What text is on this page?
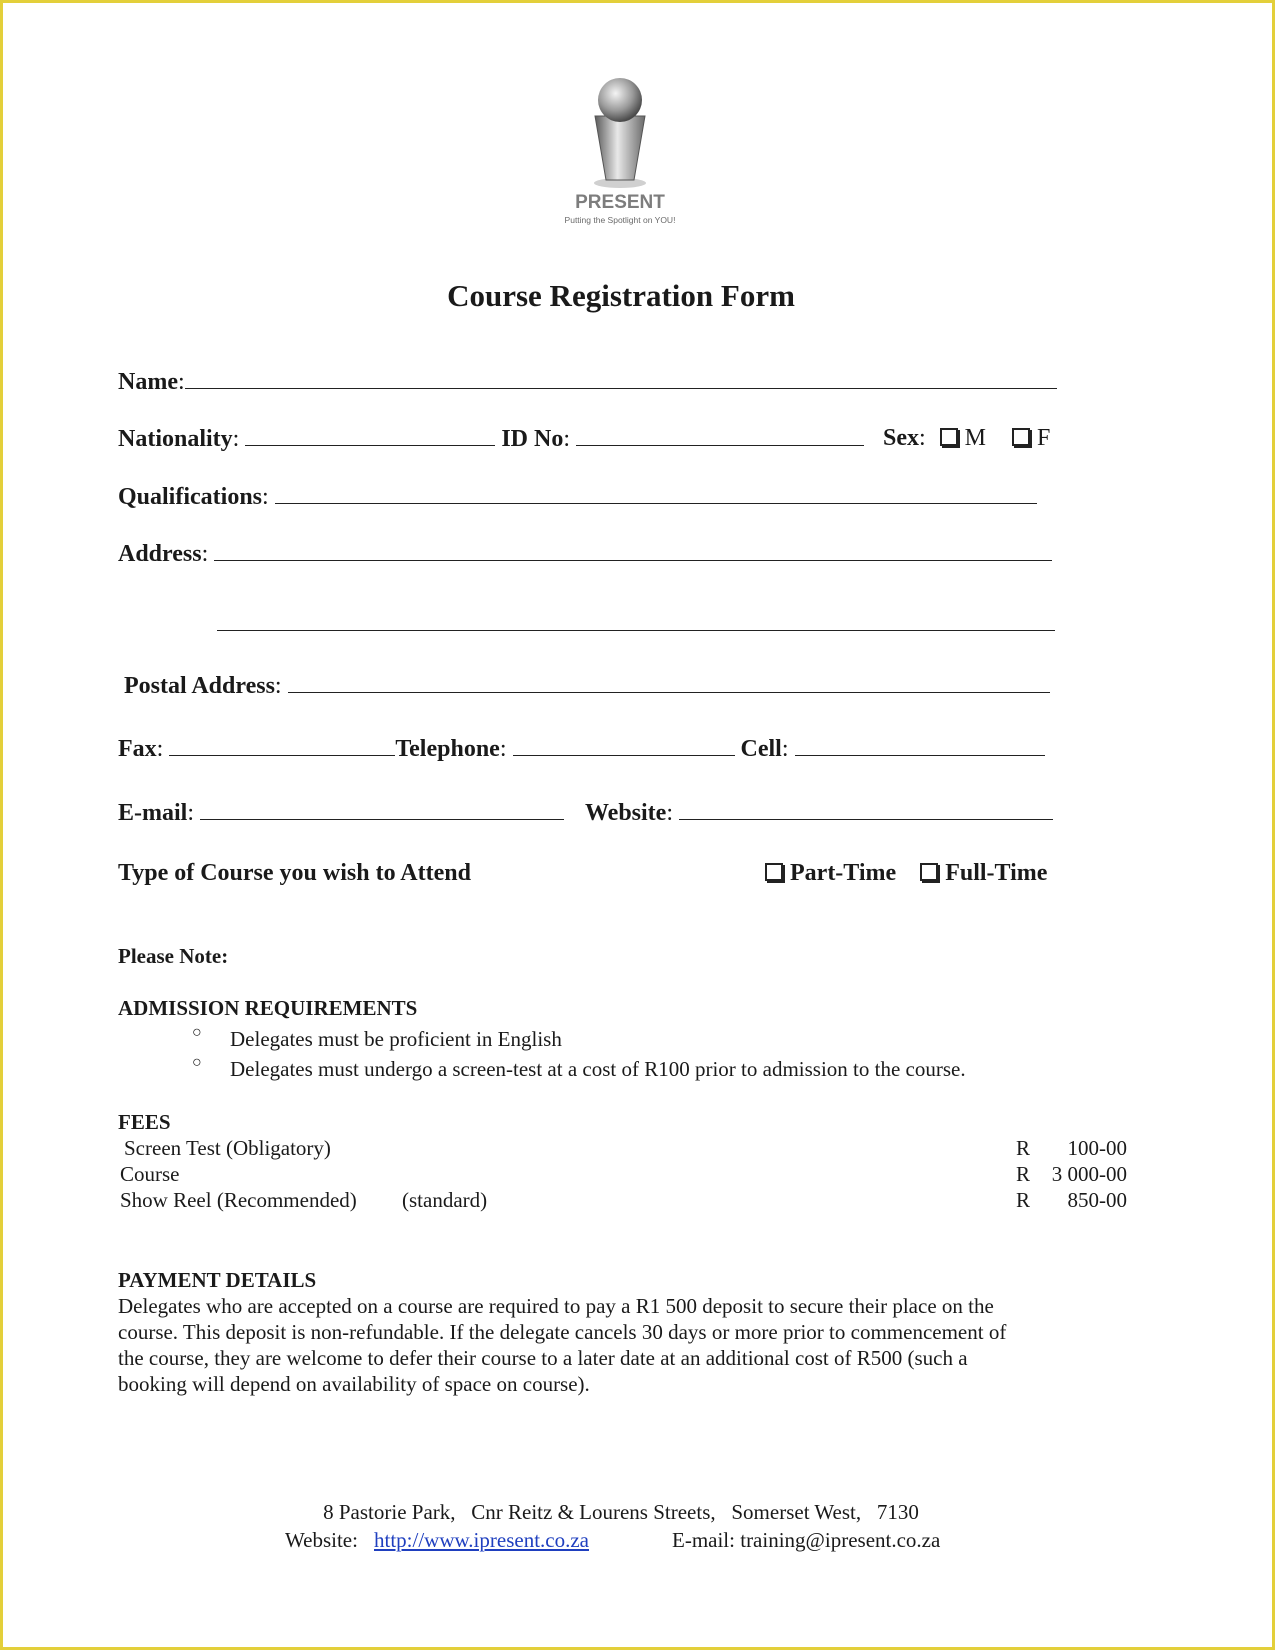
PRESENT
Putting the Spotlight on YOU!
Course Registration Form
Name:
Nationality:	ID No:	Sex: M F
Qualifications:
Address:
Postal Address:
Fax:	Telephone:	Cell:
E-mail:	Website:
Type of Course you wish to Attend	Part-Time Full-Time
Please Note:
ADMISSION REQUIREMENTS
○ Delegates must be proficient in English
○ Delegates must undergo a screen-test at a cost of R100 prior to admission to the course.
FEES
Screen Test (Obligatory)	R 100-00
Course	R 3 000-00
Show Reel (Recommended) (standard)	R 850-00
PAYMENT DETAILS
Delegates who are accepted on a course are required to pay a R1 500 deposit to secure their place on the
course. This deposit is non-refundable. If the delegate cancels 30 days or more prior to commencement of
the course, they are welcome to defer their course to a later date at an additional cost of R500 (such a
booking will depend on availability of space on course).
8 Pastorie Park,   Cnr Reitz & Lourens Streets,   Somerset West,   7130
Website: http://www.ipresent.co.za	E-mail: training@ipresent.co.za
